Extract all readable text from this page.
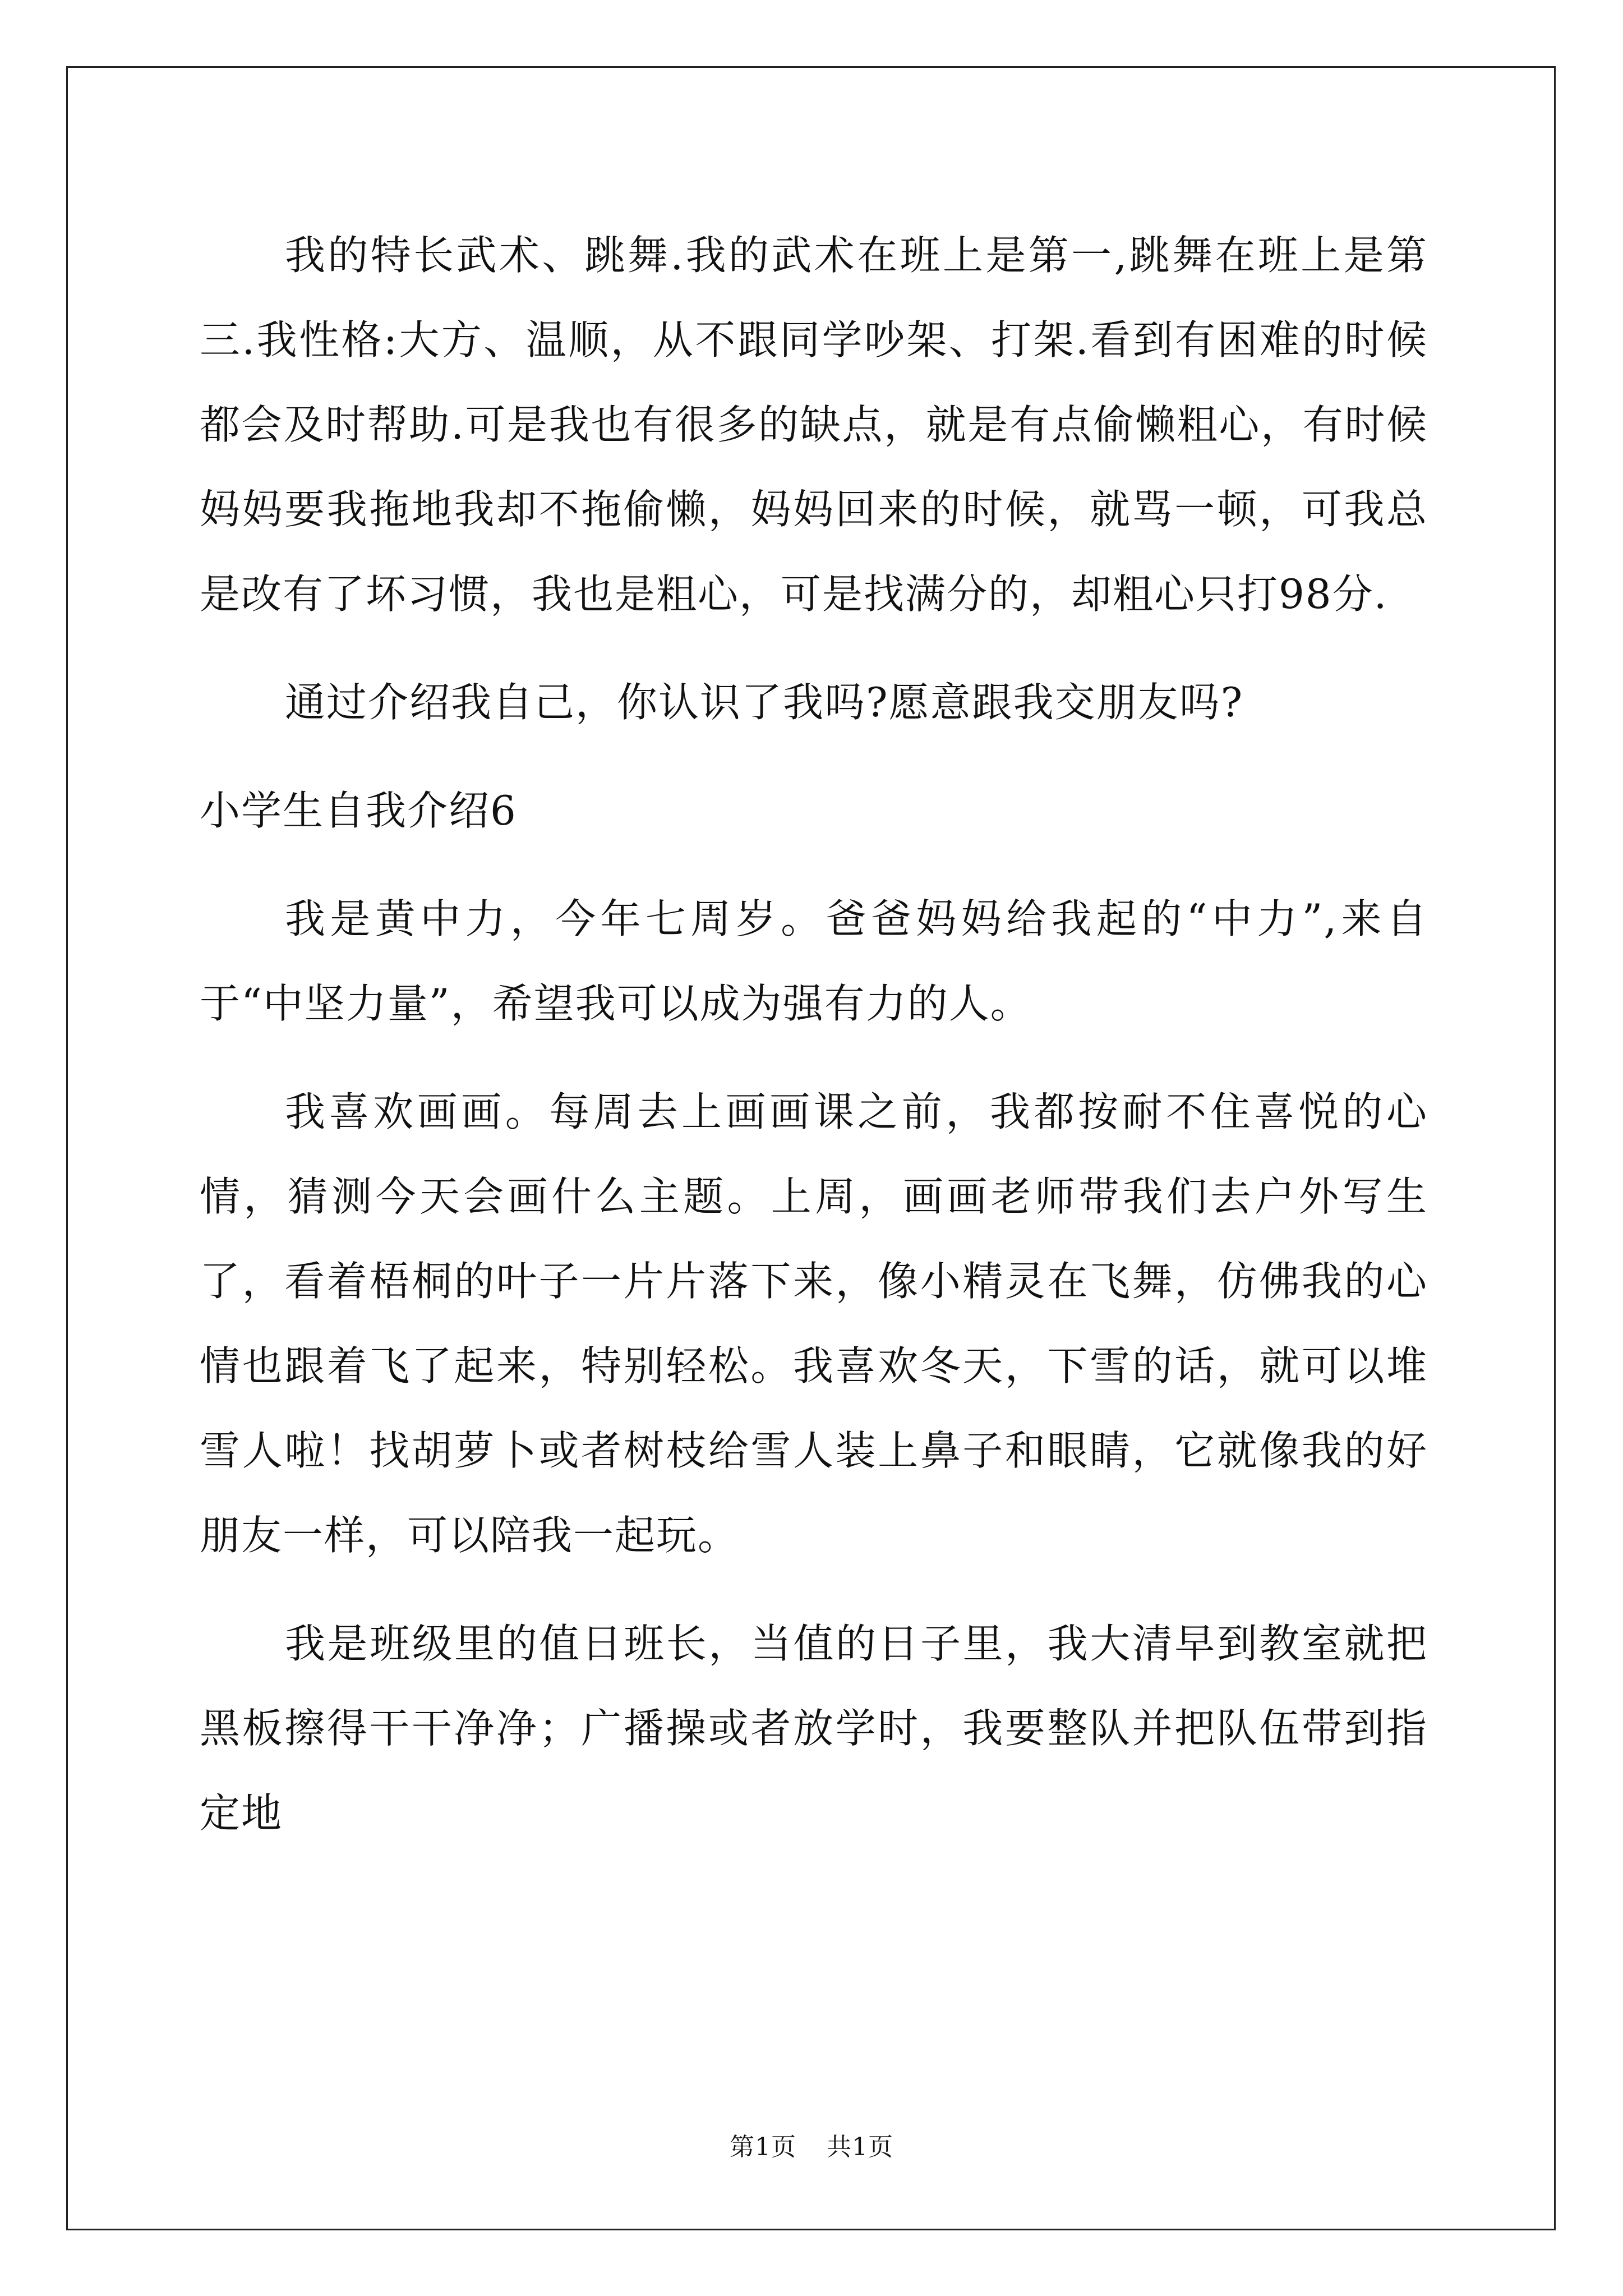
我的特长武术、跳舞.我的武术在班上是第一,跳舞在班上是第三.我性格:大方、温顺，从不跟同学吵架、打架.看到有困难的时候都会及时帮助.可是我也有很多的缺点，就是有点偷懒粗心，有时候妈妈要我拖地我却不拖偷懒，妈妈回来的时候，就骂一顿，可我总是改有了坏习惯，我也是粗心，可是找满分的，却粗心只打98分.

通过介绍我自己，你认识了我吗?愿意跟我交朋友吗?

小学生自我介绍6

我是黄中力，今年七周岁。爸爸妈妈给我起的“中力”,来自于“中坚力量”，希望我可以成为强有力的人。

我喜欢画画。每周去上画画课之前，我都按耐不住喜悦的心情，猜测今天会画什么主题。上周，画画老师带我们去户外写生了，看着梧桐的叶子一片片落下来，像小精灵在飞舞，仿佛我的心情也跟着飞了起来，特别轻松。我喜欢冬天，下雪的话，就可以堆雪人啦！找胡萝卜或者树枝给雪人装上鼻子和眼睛，它就像我的好朋友一样，可以陪我一起玩。

我是班级里的值日班长，当值的日子里，我大清早到教室就把黑板擦得干干净净；广播操或者放学时，我要整队并把队伍带到指定地

第1页 共1页
